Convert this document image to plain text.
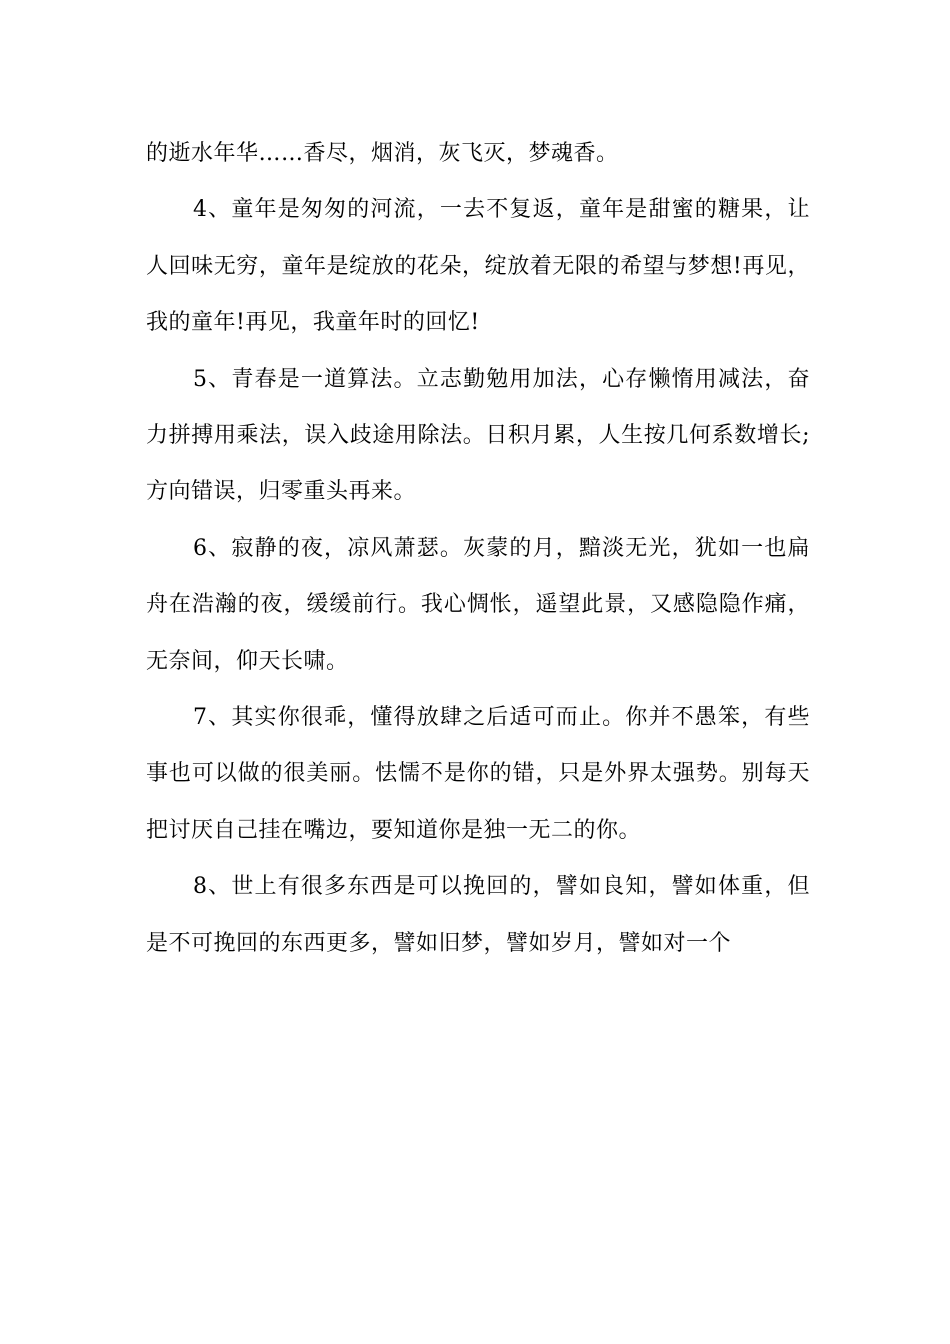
的逝水年华……香尽，烟消，灰飞灭，梦魂香。

4、童年是匆匆的河流，一去不复返，童年是甜蜜的糖果，让人回味无穷，童年是绽放的花朵，绽放着无限的希望与梦想!再见，我的童年!再见，我童年时的回忆!

5、青春是一道算法。立志勤勉用加法，心存懒惰用减法，奋力拼搏用乘法，误入歧途用除法。日积月累，人生按几何系数增长;方向错误，归零重头再来。

6、寂静的夜，凉风萧瑟。灰蒙的月，黯淡无光，犹如一也扁舟在浩瀚的夜，缓缓前行。我心惆怅，遥望此景，又感隐隐作痛，无奈间，仰天长啸。

7、其实你很乖，懂得放肆之后适可而止。你并不愚笨，有些事也可以做的很美丽。怯懦不是你的错，只是外界太强势。别每天把讨厌自己挂在嘴边，要知道你是独一无二的你。

8、世上有很多东西是可以挽回的，譬如良知，譬如体重，但是不可挽回的东西更多，譬如旧梦，譬如岁月，譬如对一个
